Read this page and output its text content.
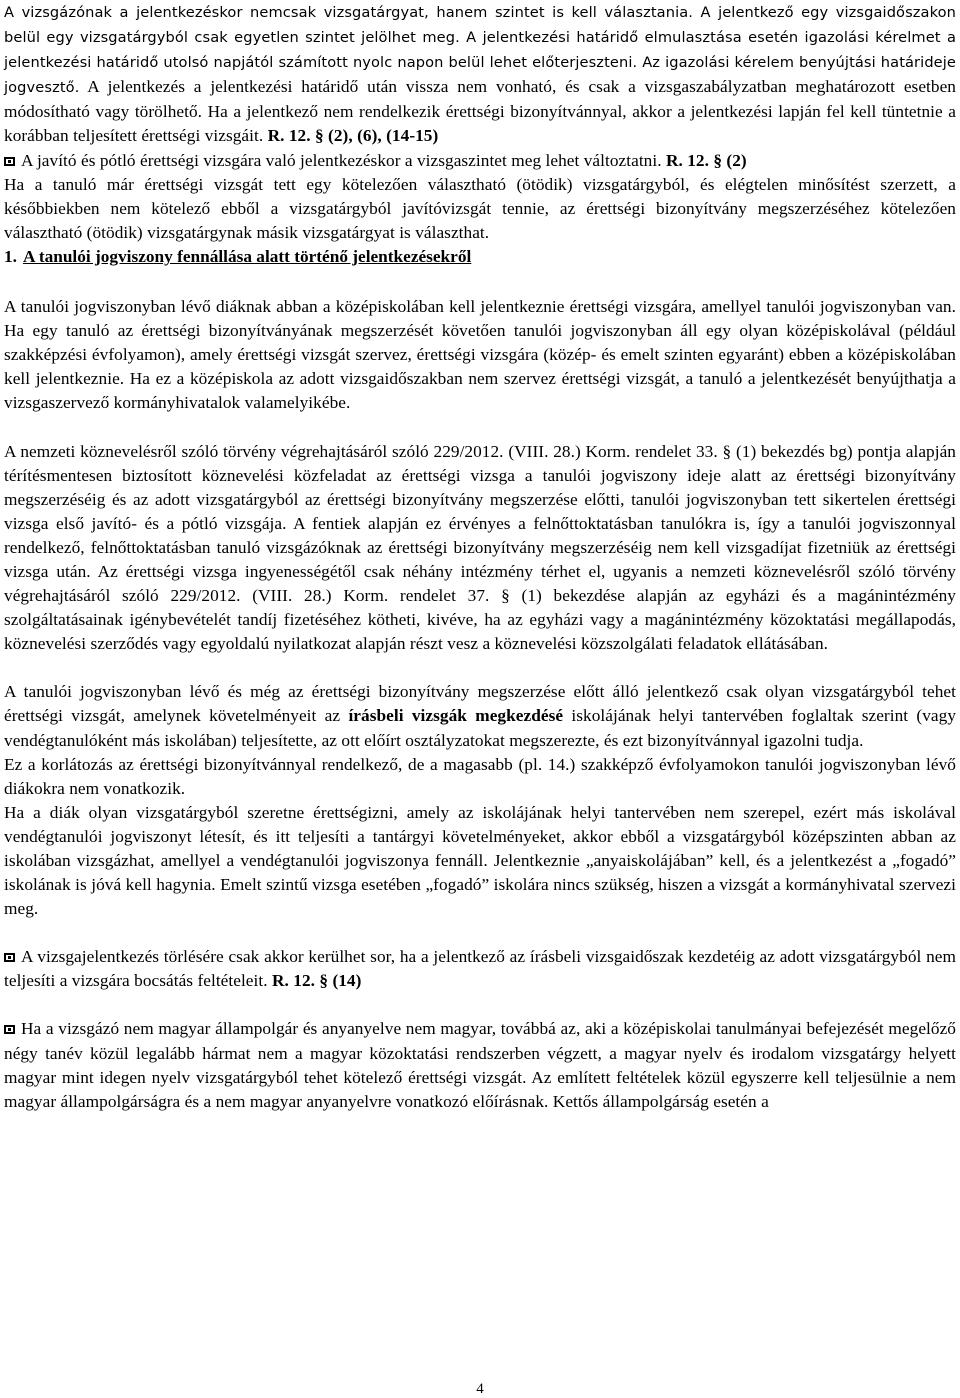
A vizsgázónak a jelentkezéskor nemcsak vizsgatárgyat, hanem szintet is kell választania. A jelentkező egy vizsgaidőszakon belül egy vizsgatárgyból csak egyetlen szintet jelölhet meg. A jelentkezési határidő elmulasztása esetén igazolási kérelmet a jelentkezési határidő utolsó napjától számított nyolc napon belül lehet előterjeszteni. Az igazolási kérelem benyújtási határideje jogvesztő. A jelentkezés a jelentkezési határidő után vissza nem vonható, és csak a vizsgaszabályzatban meghatározott esetben módosítható vagy törölhető. Ha a jelentkező nem rendelkezik érettségi bizonyítvánnyal, akkor a jelentkezési lapján fel kell tüntetnie a korábban teljesített érettségi vizsgáit. R. 12. § (2), (6), (14-15)

A javító és pótló érettségi vizsgára való jelentkezéskor a vizsgaszintet meg lehet változtatni. R. 12. § (2)

Ha a tanuló már érettségi vizsgát tett egy kötelezően választható (ötödik) vizsgatárgyból, és elégtelen minősítést szerzett, a későbbiekben nem kötelező ebből a vizsgatárgyból javítóvizsgát tennie, az érettségi bizonyítvány megszerzéséhez kötelezően választható (ötödik) vizsgatárgynak másik vizsgatárgyat is választhat.

1. A tanulói jogviszony fennállása alatt történő jelentkezésekről

A tanulói jogviszonyban lévő diáknak abban a középiskolában kell jelentkeznie érettségi vizsgára, amellyel tanulói jogviszonyban van. Ha egy tanuló az érettségi bizonyítványának megszerzését követően tanulói jogviszonyban áll egy olyan középiskolával (például szakképzési évfolyamon), amely érettségi vizsgát szervez, érettségi vizsgára (közép- és emelt szinten egyaránt) ebben a középiskolában kell jelentkeznie. Ha ez a középiskola az adott vizsgaidőszakban nem szervez érettségi vizsgát, a tanuló a jelentkezését benyújthatja a vizsgaszervező kormányhivatalok valamelyikébe.

A nemzeti köznevelésről szóló törvény végrehajtásáról szóló 229/2012. (VIII. 28.) Korm. rendelet 33. § (1) bekezdés bg) pontja alapján térítésmentesen biztosított köznevelési közfeladat az érettségi vizsga a tanulói jogviszony ideje alatt az érettségi bizonyítvány megszerzéséig és az adott vizsgatárgyból az érettségi bizonyítvány megszerzése előtti, tanulói jogviszonyban tett sikertelen érettségi vizsga első javító- és a pótló vizsgája. A fentiek alapján ez érvényes a felnőttoktatásban tanulókra is, így a tanulói jogviszonnyal rendelkező, felnőttoktatásban tanuló vizsgázóknak az érettségi bizonyítvány megszerzéséig nem kell vizsgadíjat fizetniük az érettségi vizsga után. Az érettségi vizsga ingyenességétől csak néhány intézmény térhet el, ugyanis a nemzeti köznevelésről szóló törvény végrehajtásáról szóló 229/2012. (VIII. 28.) Korm. rendelet 37. § (1) bekezdése alapján az egyházi és a magánintézmény szolgáltatásainak igénybevételét tandíj fizetéséhez kötheti, kivéve, ha az egyházi vagy a magánintézmény közoktatási megállapodás, köznevelési szerződés vagy egyoldalú nyilatkozat alapján részt vesz a köznevelési közszolgálati feladatok ellátásában.

A tanulói jogviszonyban lévő és még az érettségi bizonyítvány megszerzése előtt álló jelentkező csak olyan vizsgatárgyból tehet érettségi vizsgát, amelynek követelményeit az írásbeli vizsgák megkezdésé iskolájának helyi tantervében foglaltak szerint (vagy vendégtanulóként más iskolában) teljesítette, az ott előírt osztályzatokat megszerezte, és ezt bizonyítvánnyal igazolni tudja.

Ez a korlátozás az érettségi bizonyítvánnyal rendelkező, de a magasabb (pl. 14.) szakképző évfolyamokon tanulói jogviszonyban lévő diákokra nem vonatkozik.

Ha a diák olyan vizsgatárgyból szeretne érettségizni, amely az iskolájának helyi tantervében nem szerepel, ezért más iskolával vendégtanulói jogviszonyt létesít, és itt teljesíti a tantárgyi követelményeket, akkor ebből a vizsgatárgyból középszinten abban az iskolában vizsgázhat, amellyel a vendégtanulói jogviszonya fennáll. Jelentkeznie „anyaiskolájában” kell, és a jelentkezést a „fogadó” iskolának is jóvá kell hagynia. Emelt szintű vizsga esetében „fogadó” iskolára nincs szükség, hiszen a vizsgát a kormányhivatal szervezi meg.

A vizsgajelentkezés törlésére csak akkor kerülhet sor, ha a jelentkező az írásbeli vizsgaidőszak kezdetéig az adott vizsgatárgyból nem teljesíti a vizsgára bocsátás feltételeit. R. 12. § (14)

Ha a vizsgázó nem magyar állampolgár és anyanyelve nem magyar, továbbá az, aki a középiskolai tanulmányai befejezését megelőző négy tanév közül legalább hármat nem a magyar közoktatási rendszerben végzett, a magyar nyelv és irodalom vizsgatárgy helyett magyar mint idegen nyelv vizsgatárgyból tehet kötelező érettségi vizsgát. Az említett feltételek közül egyszerre kell teljesülnie a nem magyar állampolgárságra és a nem magyar anyanyelvre vonatkozó előírásnak. Kettős állampolgárság esetén a

4
